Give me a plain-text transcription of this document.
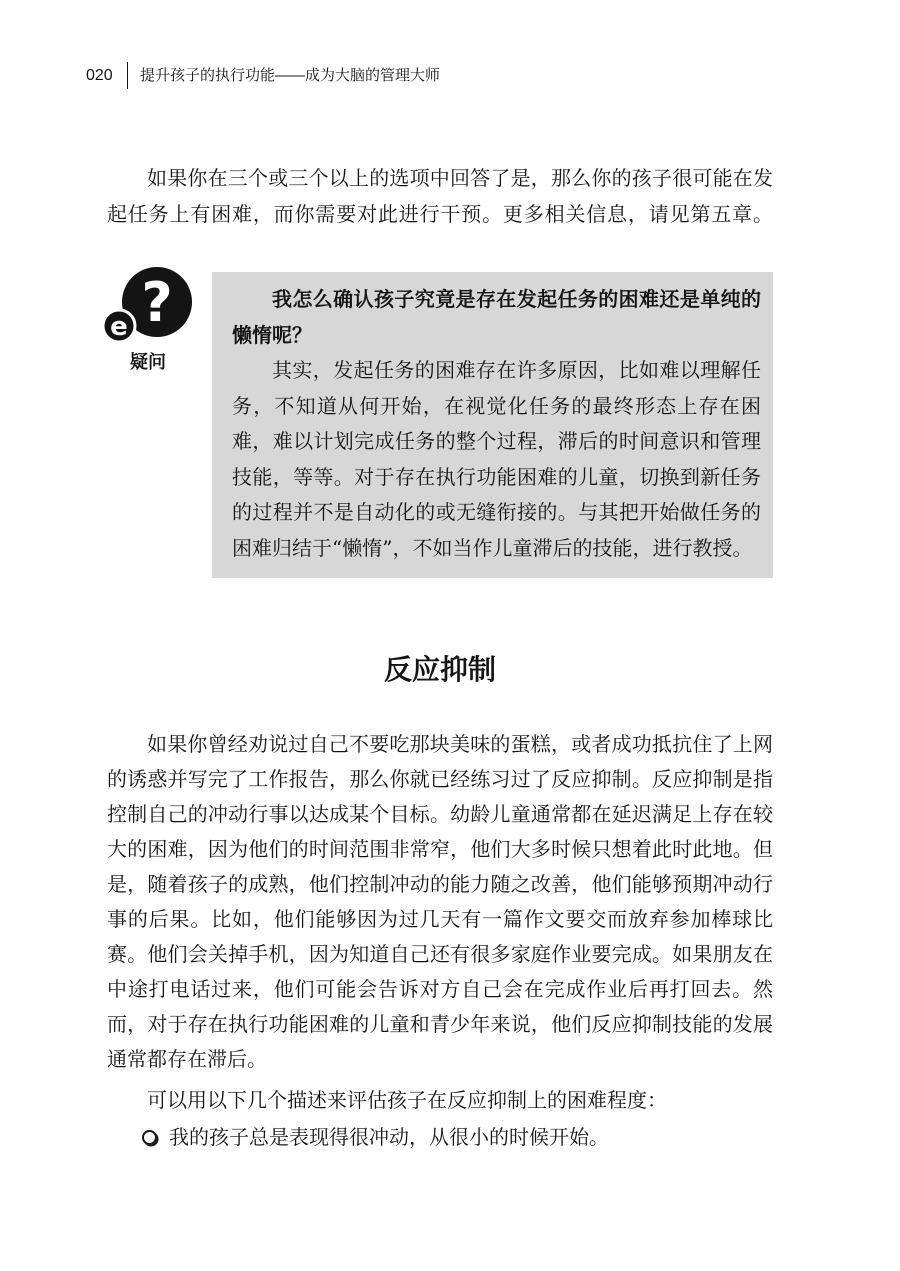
020 提升孩子的执行功能——成为大脑的管理大师
如果你在三个或三个以上的选项中回答了是，那么你的孩子很可能在发
起任务上有困难，而你需要对此进行干预。更多相关信息，请见第五章。
?
e
疑问
我怎么确认孩子究竟是存在发起任务的困难还是单纯的
懒惰呢？
其实，发起任务的困难存在许多原因，比如难以理解任
务，不知道从何开始，在视觉化任务的最终形态上存在困
难，难以计划完成任务的整个过程，滞后的时间意识和管理
技能，等等。对于存在执行功能困难的儿童，切换到新任务
的过程并不是自动化的或无缝衔接的。与其把开始做任务的
困难归结于“懒惰”，不如当作儿童滞后的技能，进行教授。
反应抑制
如果你曾经劝说过自己不要吃那块美味的蛋糕，或者成功抵抗住了上网
的诱惑并写完了工作报告，那么你就已经练习过了反应抑制。反应抑制是指
控制自己的冲动行事以达成某个目标。幼龄儿童通常都在延迟满足上存在较
大的困难，因为他们的时间范围非常窄，他们大多时候只想着此时此地。但
是，随着孩子的成熟，他们控制冲动的能力随之改善，他们能够预期冲动行
事的后果。比如，他们能够因为过几天有一篇作文要交而放弃参加棒球比
赛。他们会关掉手机，因为知道自己还有很多家庭作业要完成。如果朋友在
中途打电话过来，他们可能会告诉对方自己会在完成作业后再打回去。然
而，对于存在执行功能困难的儿童和青少年来说，他们反应抑制技能的发展
通常都存在滞后。
可以用以下几个描述来评估孩子在反应抑制上的困难程度：
我的孩子总是表现得很冲动，从很小的时候开始。
